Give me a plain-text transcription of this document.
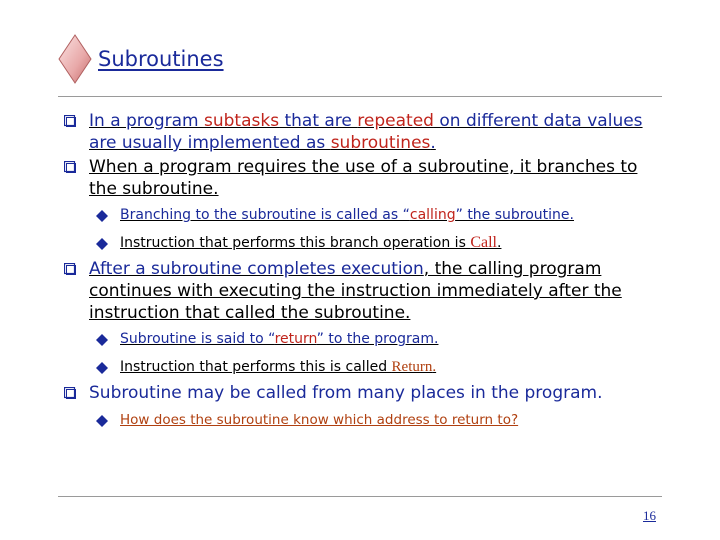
Subroutines
In a program subtasks that are repeated on different data values are usually implemented as subroutines.
When a program requires the use of a subroutine, it branches to the subroutine.
Branching to the subroutine is called as “calling” the subroutine.
Instruction that performs this branch operation is Call.
After a subroutine completes execution, the calling program continues with executing the instruction immediately after the instruction that called the subroutine.
Subroutine is said to “return” to the program.
Instruction that performs this is called Return.
Subroutine may be called from many places in the program.
How does the subroutine know which address to return to?
16
